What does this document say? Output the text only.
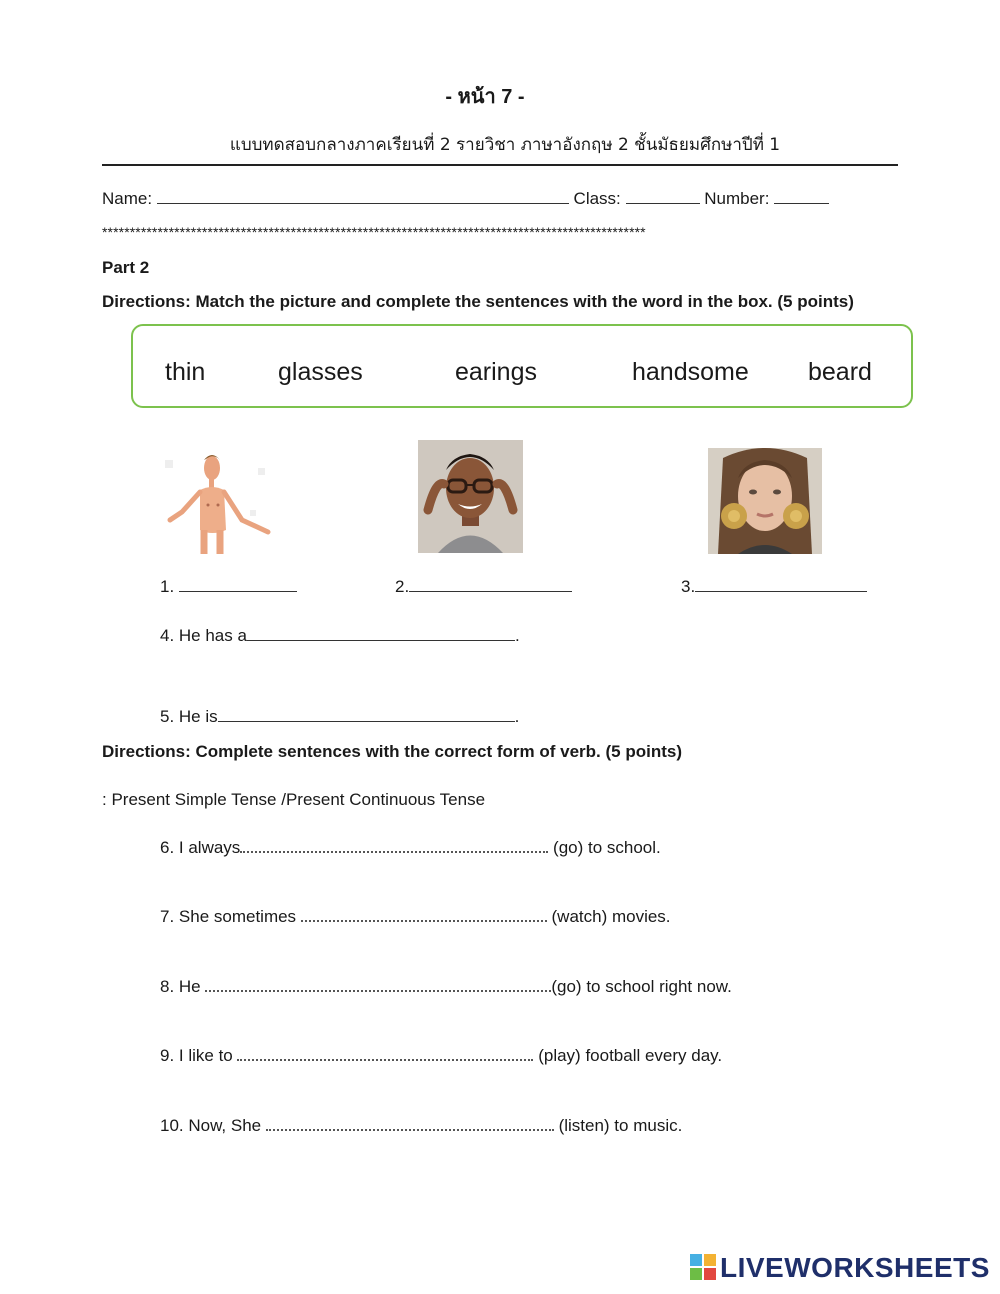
- หน้า 7 -
แบบทดสอบกลางภาคเรียนที่ 2 รายวิชา ภาษาอังกฤษ 2 ชั้นมัธยมศึกษาปีที่ 1
Name:	Class:	Number:
**************************************************************************************************
Part 2
Directions: Match the picture and complete the sentences with the word in the box. (5 points)
thin	glasses	earings	handsome beard
1.	2.	3.
4. He has a	.
5. He is	.
Directions: Complete sentences with the correct form of verb. (5 points)
: Present Simple Tense /Present Continuous Tense
6. I always	(go) to school.
7. She sometimes	(watch) movies.
8. He	(go) to school right now.
9. I like to	(play) football every day.
10. Now, She	(listen) to music.
LIVEWORKSHEETS
